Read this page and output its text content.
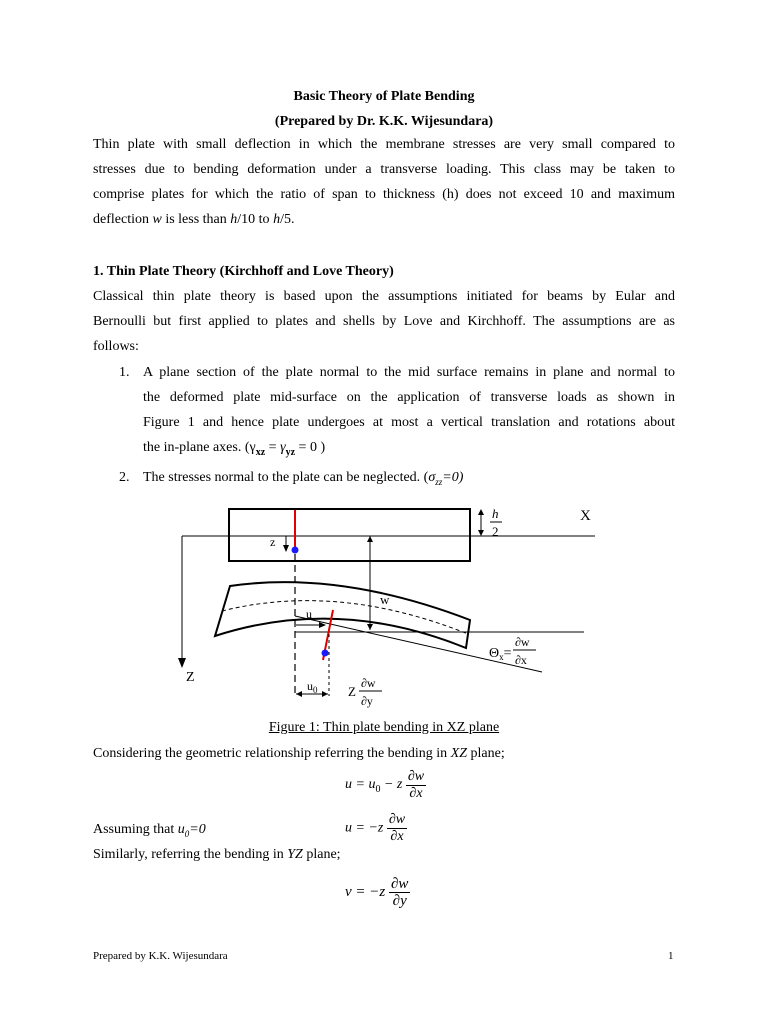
Basic Theory of Plate Bending
(Prepared by Dr. K.K. Wijesundara)
Thin plate with small deflection in which the membrane stresses are very small compared to
stresses due to bending deformation under a transverse loading. This class may be taken to
comprise plates for which the ratio of span to thickness (h) does not exceed 10 and maximum
deflection w is less than h/10 to h/5.
1. Thin Plate Theory (Kirchhoff and Love Theory)
Classical thin plate theory is based upon the assumptions initiated for beams by Eular and
Bernoulli but first applied to plates and shells by Love and Kirchhoff. The assumptions are as
follows:
1. A plane section of the plate normal to the mid surface remains in plane and normal to
the deformed plate mid-surface on the application of transverse loads as shown in
Figure 1 and hence plate undergoes at most a vertical translation and rotations about
the in-plane axes. ($\gamma_{xz} = \gamma_{yz} = 0$ )
2. The stresses normal to the plate can be neglected. $(\sigma_{zz}=0)$
X
Z
h
2
z
w
$\Theta_x=$
∂w
∂x
u
$u_0$ Z
∂w
∂y
Figure 1: Thin plate bending in XZ plane
Considering the geometric relationship referring the bending in XZ plane;
$u = u_0 - z \frac{\partial w}{\partial x}$
Assuming that $u_0=0$	$u = -z \frac{\partial w}{\partial x}$
Similarly, referring the bending in YZ plane;
$v = -z \frac{\partial w}{\partial y}$
Prepared by K.K. Wijesundara	1
